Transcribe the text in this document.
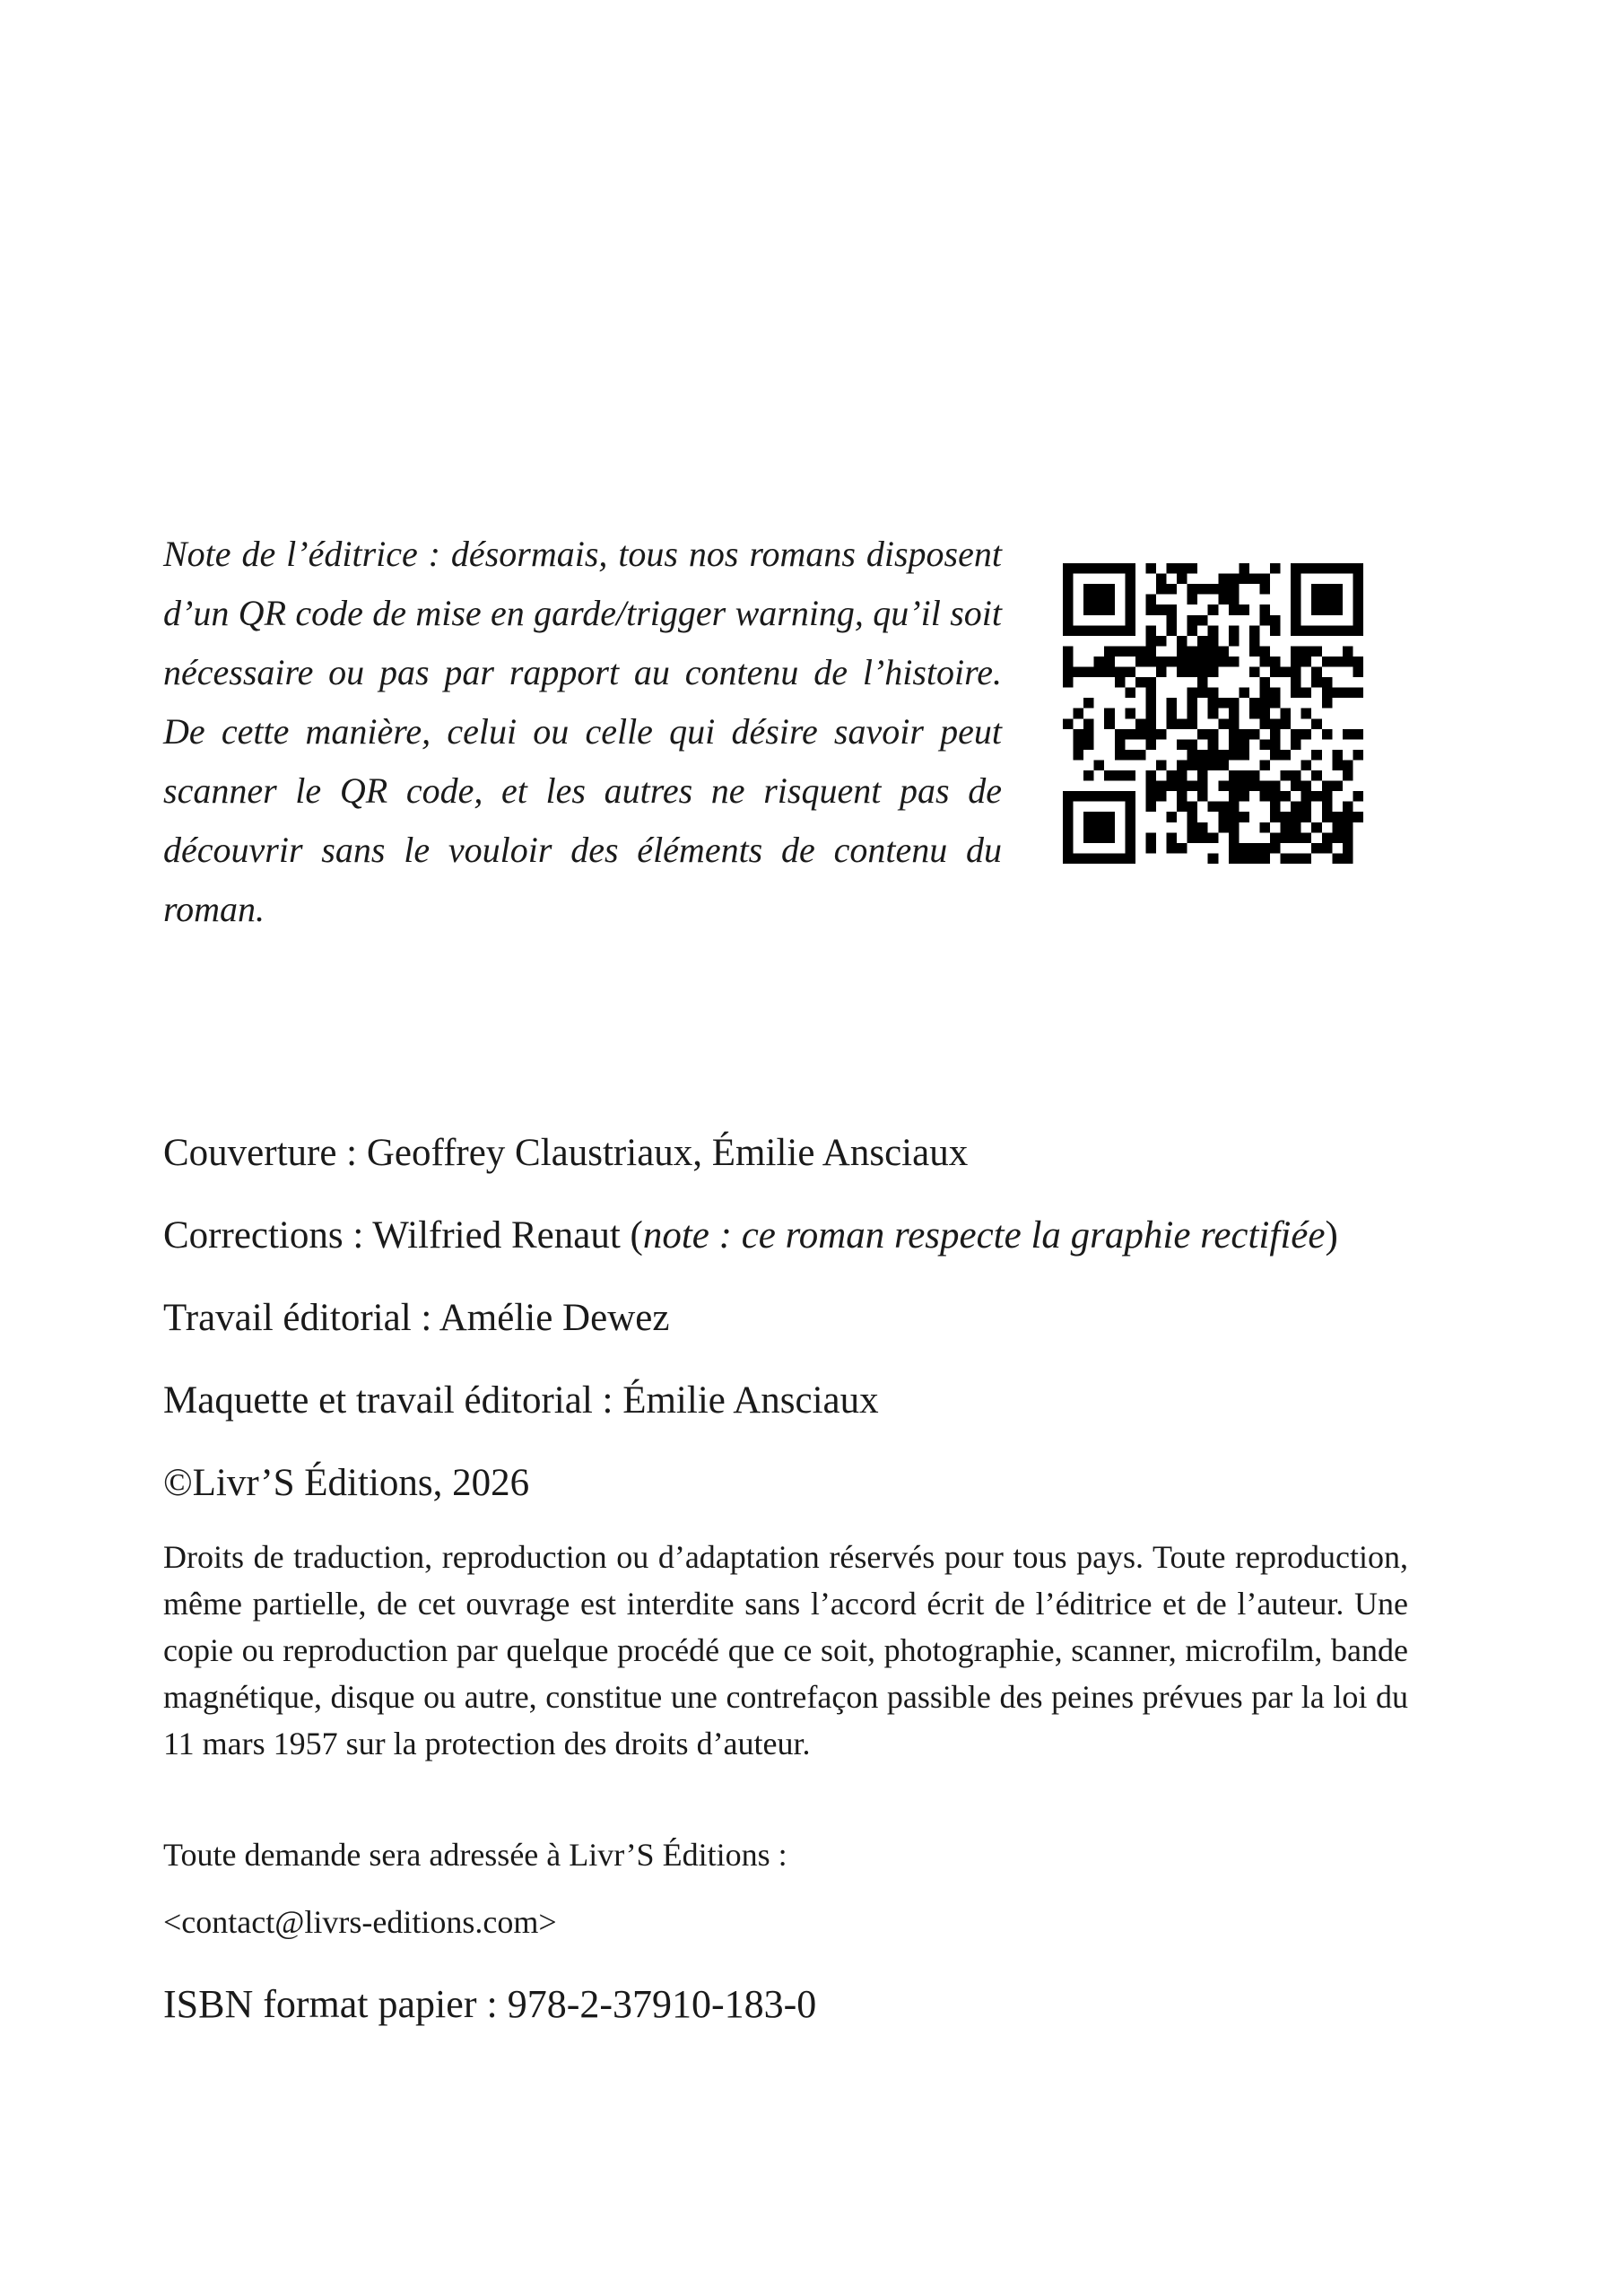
Note de l’éditrice : désormais, tous nos romans disposent d’un QR code de mise en garde/trigger warning, qu’il soit nécessaire ou pas par rapport au contenu de l’histoire. De cette manière, celui ou celle qui désire savoir peut scanner le QR code, et les autres ne risquent pas de découvrir sans le vouloir des éléments de contenu du roman.

Couverture : Geoffrey Claustriaux, Émilie Ansciaux

Corrections : Wilfried Renaut (note : ce roman respecte la graphie rectifiée)

Travail éditorial : Amélie Dewez

Maquette et travail éditorial : Émilie Ansciaux

©Livr’S Éditions, 2026

Droits de traduction, reproduction ou d’adaptation réservés pour tous pays. Toute reproduction, même partielle, de cet ouvrage est interdite sans l’accord écrit de l’éditrice et de l’auteur. Une copie ou reproduction par quelque procédé que ce soit, photographie, scanner, microfilm, bande magnétique, disque ou autre, constitue une contrefaçon passible des peines prévues par la loi du 11 mars 1957 sur la protection des droits d’auteur.

Toute demande sera adressée à Livr’S Éditions :

<contact@livrs-editions.com>

ISBN format papier : 978-2-37910-183-0
